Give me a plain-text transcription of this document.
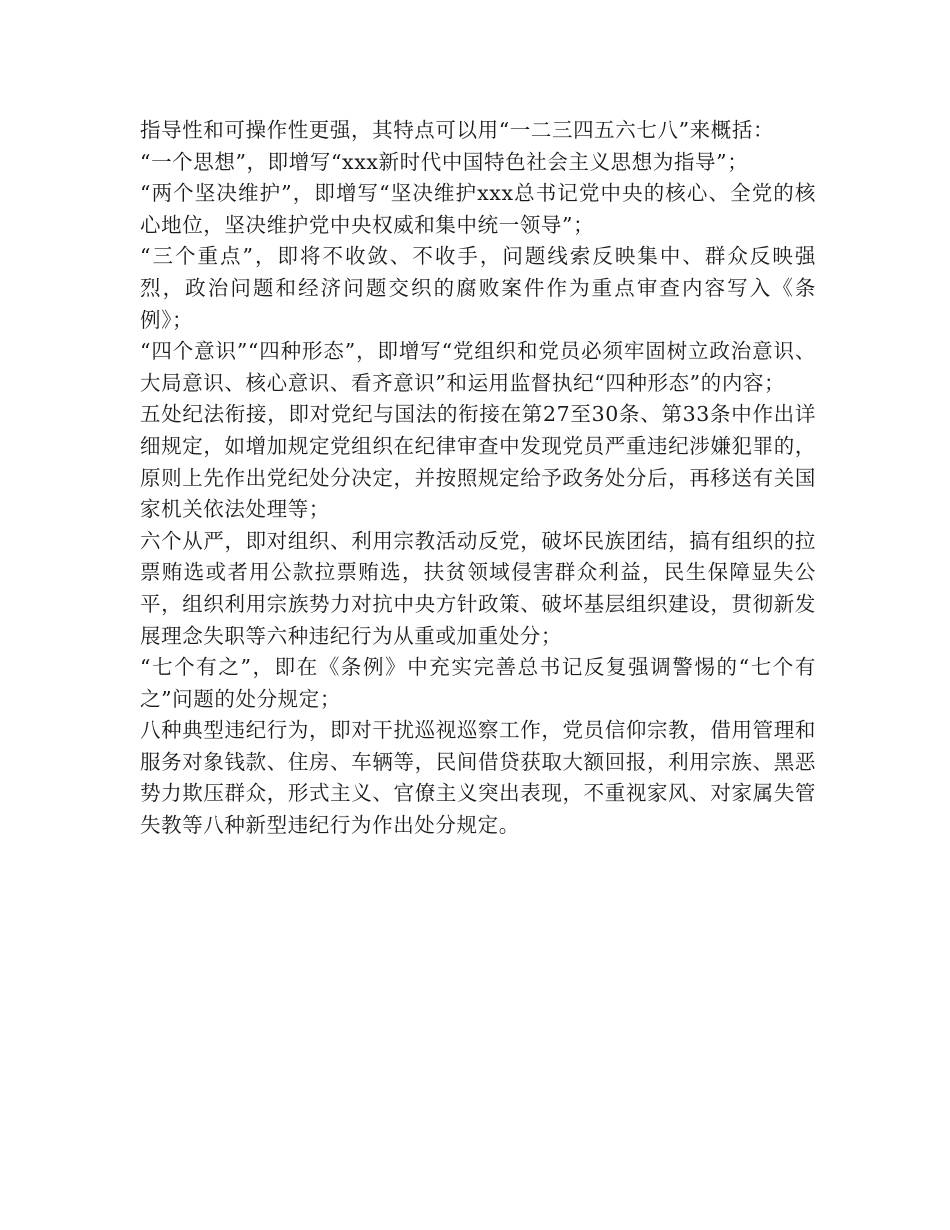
指导性和可操作性更强，其特点可以用“一二三四五六七八”来概括：

“一个思想”，即增写“xxx新时代中国特色社会主义思想为指导”；

“两个坚决维护”，即增写“坚决维护xxx总书记党中央的核心、全党的核心地位，坚决维护党中央权威和集中统一领导”；

“三个重点”，即将不收敛、不收手，问题线索反映集中、群众反映强烈，政治问题和经济问题交织的腐败案件作为重点审查内容写入《条例》；

“四个意识”“四种形态”，即增写“党组织和党员必须牢固树立政治意识、大局意识、核心意识、看齐意识”和运用监督执纪“四种形态”的内容；

五处纪法衔接，即对党纪与国法的衔接在第27至30条、第33条中作出详细规定，如增加规定党组织在纪律审查中发现党员严重违纪涉嫌犯罪的，原则上先作出党纪处分决定，并按照规定给予政务处分后，再移送有关国家机关依法处理等；

六个从严，即对组织、利用宗教活动反党，破坏民族团结，搞有组织的拉票贿选或者用公款拉票贿选，扶贫领域侵害群众利益，民生保障显失公平，组织利用宗族势力对抗中央方针政策、破坏基层组织建设，贯彻新发展理念失职等六种违纪行为从重或加重处分；

“七个有之”，即在《条例》中充实完善总书记反复强调警惕的“七个有之”问题的处分规定；

八种典型违纪行为，即对干扰巡视巡察工作，党员信仰宗教，借用管理和服务对象钱款、住房、车辆等，民间借贷获取大额回报，利用宗族、黑恶势力欺压群众，形式主义、官僚主义突出表现，不重视家风、对家属失管失教等八种新型违纪行为作出处分规定。
